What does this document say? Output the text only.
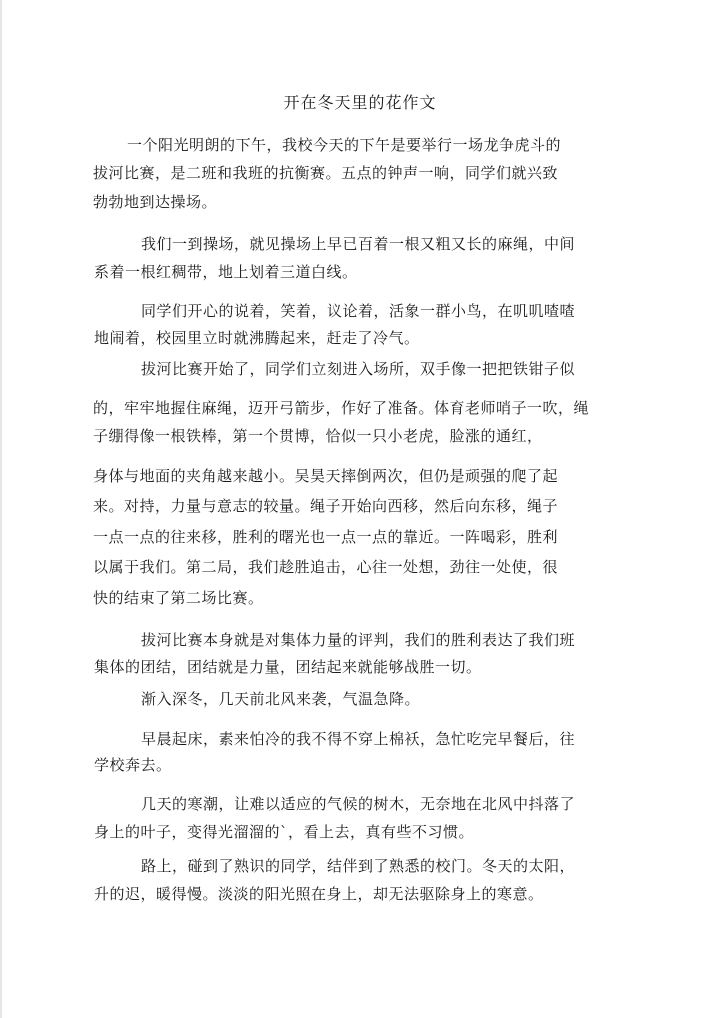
开在冬天里的花作文
一个阳光明朗的下午，我校今天的下午是要举行一场龙争虎斗的
拔河比赛，是二班和我班的抗衡赛。五点的钟声一响，同学们就兴致
勃勃地到达操场。
我们一到操场，就见操场上早已百着一根又粗又长的麻绳，中间
系着一根红稠带，地上划着三道白线。
同学们开心的说着，笑着，议论着，活象一群小鸟，在叽叽喳喳
地闹着，校园里立时就沸腾起来，赶走了冷气。
拔河比赛开始了，同学们立刻进入场所，双手像一把把铁钳子似
的，牢牢地握住麻绳，迈开弓箭步，作好了准备。体育老师哨子一吹，绳
子绷得像一根铁棒，第一个贯博，恰似一只小老虎，脸涨的通红，
身体与地面的夹角越来越小。吴昊天摔倒两次，但仍是顽强的爬了起
来。对持，力量与意志的较量。绳子开始向西移，然后向东移，绳子
一点一点的往来移，胜利的曙光也一点一点的靠近。一阵喝彩，胜利
以属于我们。第二局，我们趁胜追击，心往一处想，劲往一处使，很
快的结束了第二场比赛。
拔河比赛本身就是对集体力量的评判，我们的胜利表达了我们班
集体的团结，团结就是力量，团结起来就能够战胜一切。
渐入深冬，几天前北风来袭，气温急降。
早晨起床，素来怕冷的我不得不穿上棉袄，急忙吃完早餐后，往
学校奔去。
几天的寒潮，让难以适应的气候的树木，无奈地在北风中抖落了
身上的叶子，变得光溜溜的`，看上去，真有些不习惯。
路上，碰到了熟识的同学，结伴到了熟悉的校门。冬天的太阳，
升的迟，暖得慢。淡淡的阳光照在身上，却无法驱除身上的寒意。
